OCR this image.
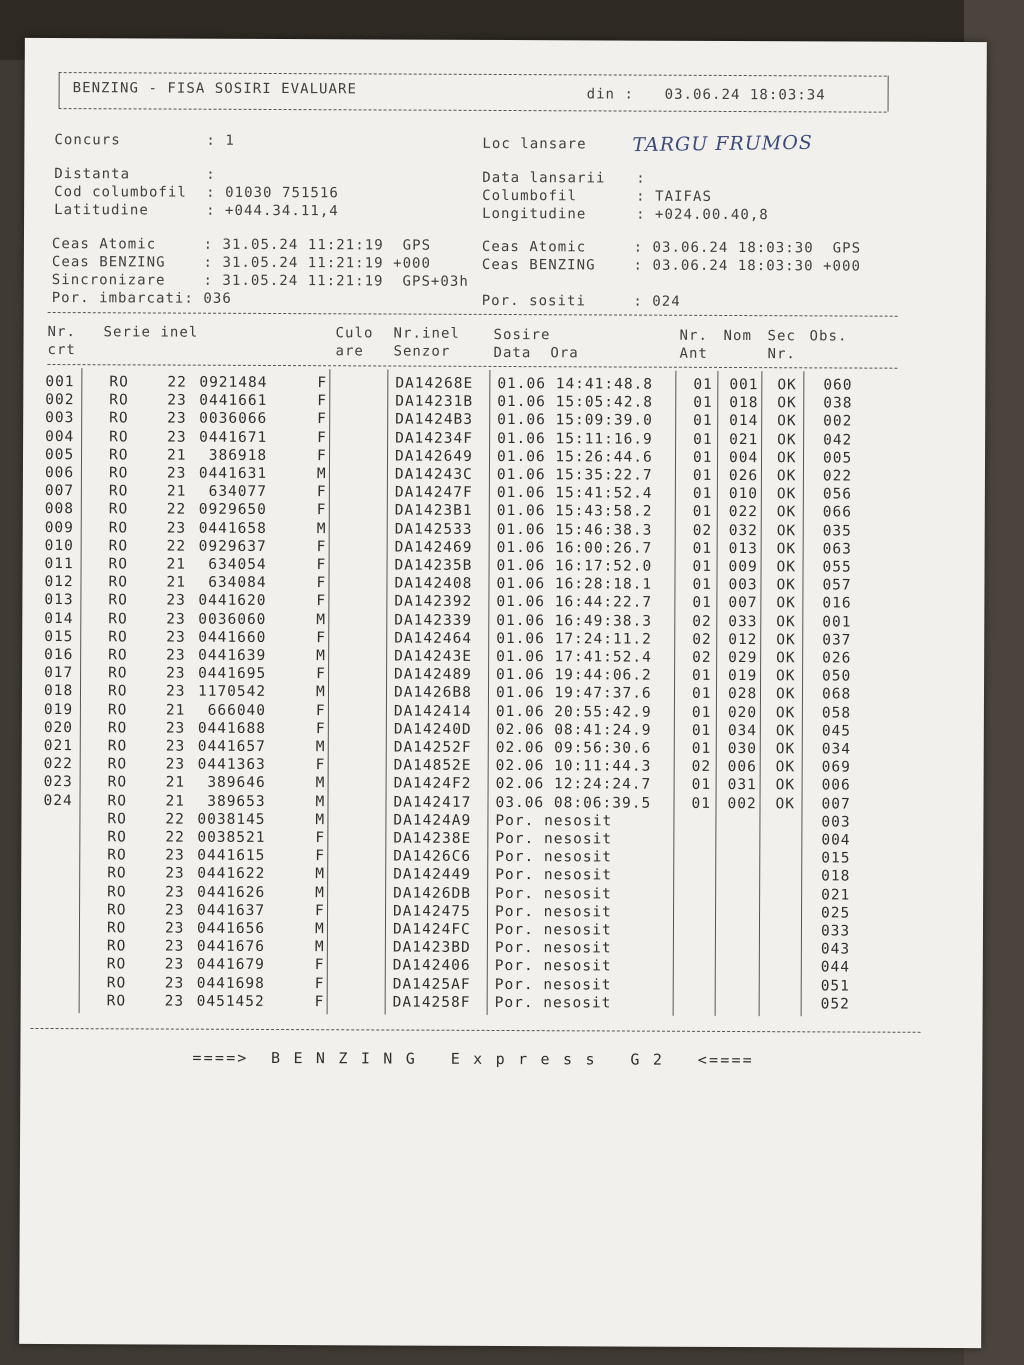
BENZING - FISA SOSIRI EVALUARE	din : 03.06.24 18:03:34
Concurs	: 1	Loc lansare TARGU FRUMOS
Distanta	:	Data lansarii :
Cod columbofil : 01030 751516	Columbofil	: TAIFAS
Latitudine	: +044.34.11,4	Longitudine	: +024.00.40,8
Ceas Atomic     : 31.05.24 11:21:19  GPS	Ceas Atomic     : 03.06.24 18:03:30  GPS
Ceas BENZING    : 31.05.24 11:21:19 +000	Ceas BENZING    : 03.06.24 18:03:30 +000
Sincronizare    : 31.05.24 11:21:19  GPS+03h
Por. imbarcati: 036	Por. sositi     : 024
Nr.
crt
Serie inel	Culo
are
Nr.inel
Senzor
Sosire
Data  Ora
Nr.
Ant
Nom Sec
Nr.
Obs.
001 RO	22 0921484	F	DA14268E 01.06 14:41:48.8	01 001 OK 060
002 RO	23 0441661	F	DA14231B 01.06 15:05:42.8	01 018 OK 038
003 RO	23 0036066	F	DA1424B3 01.06 15:09:39.0	01 014 OK 002
004 RO	23 0441671	F	DA14234F 01.06 15:11:16.9	01 021 OK 042
005 RO	21 386918	F	DA142649 01.06 15:26:44.6	01 004 OK 005
006 RO	23 0441631	M	DA14243C 01.06 15:35:22.7	01 026 OK 022
007 RO	21 634077	F	DA14247F 01.06 15:41:52.4	01 010 OK 056
008 RO	22 0929650	F	DA1423B1 01.06 15:43:58.2	01 022 OK 066
009 RO	23 0441658	M	DA142533 01.06 15:46:38.3	02 032 OK 035
010 RO	22 0929637	F	DA142469 01.06 16:00:26.7	01 013 OK 063
011 RO	21 634054	F	DA14235B 01.06 16:17:52.0	01 009 OK 055
012 RO	21 634084	F	DA142408 01.06 16:28:18.1	01 003 OK 057
013 RO	23 0441620	F	DA142392 01.06 16:44:22.7	01 007 OK 016
014 RO	23 0036060	M	DA142339 01.06 16:49:38.3	02 033 OK 001
015 RO	23 0441660	F	DA142464 01.06 17:24:11.2	02 012 OK 037
016 RO	23 0441639	M	DA14243E 01.06 17:41:52.4	02 029 OK 026
017 RO	23 0441695	F	DA142489 01.06 19:44:06.2	01 019 OK 050
018 RO	23 1170542	M	DA1426B8 01.06 19:47:37.6	01 028 OK 068
019 RO	21 666040	F	DA142414 01.06 20:55:42.9	01 020 OK 058
020 RO	23 0441688	F	DA14240D 02.06 08:41:24.9	01 034 OK 045
021 RO	23 0441657	M	DA14252F 02.06 09:56:30.6	01 030 OK 034
022 RO	23 0441363	F	DA14852E 02.06 10:11:44.3	02 006 OK 069
023 RO	21 389646	M	DA1424F2 02.06 12:24:24.7	01 031 OK 006
024 RO	21 389653	M	DA142417 03.06 08:06:39.5	01 002 OK 007
RO	22 0038145	M	DA1424A9 Por. nesosit	003
RO	22 0038521	F	DA14238E Por. nesosit	004
RO	23 0441615	F	DA1426C6 Por. nesosit	015
RO	23 0441622	M	DA142449 Por. nesosit	018
RO	23 0441626	M	DA1426DB Por. nesosit	021
RO	23 0441637	F	DA142475 Por. nesosit	025
RO	23 0441656	M	DA1424FC Por. nesosit	033
RO	23 0441676	M	DA1423BD Por. nesosit	043
RO	23 0441679	F	DA142406 Por. nesosit	044
RO	23 0441698	F	DA1425AF Por. nesosit	051
RO	23 0451452	F	DA14258F Por. nesosit	052
====>  B E N Z I N G   E x p r e s s   G 2   <====
